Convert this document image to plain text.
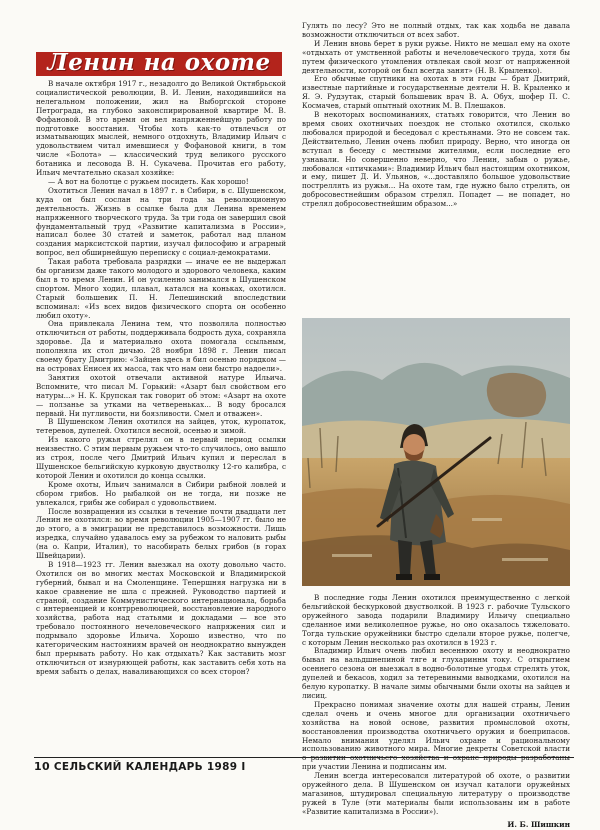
Ленин на охоте

В начале октября 1917 г., незадолго до Великой Октябрьской социалистической революции, В. И. Ленин, находившийся на нелегальном положении, жил на Выборгской стороне Петрограда, на глубоко законспирированной квартире М. В. Фофановой. В это время он вел напряженнейшую работу по подготовке восстания. Чтобы хоть как-то отвлечься от изматывающих мыслей, немного отдохнуть, Владимир Ильич с удовольствием читал имевшиеся у Фофановой книги, в том числе «Болота» — классический труд великого русского ботаника и лесовода В. Н. Сукачева. Прочитав его работу, Ильич мечтательно сказал хозяйке:

— А вот на болотце с ружьем посидеть. Как хорошо!

Охотиться Ленин начал в 1897 г. в Сибири, в с. Шушенском, куда он был сослан на три года за революционную деятельность. Жизнь в ссылке была для Ленина временем напряженного творческого труда. За три года он завершил свой фундаментальный труд «Развитие капитализма в России», написал более 30 статей и заметок, работал над планом создания марксистской партии, изучал философию и аграрный вопрос, вел обширнейшую переписку с социал-демократами.

Такая работа требовала разрядки — иначе ее не выдержал бы организм даже такого молодого и здорового человека, каким был в то время Ленин. И он усиленно занимался в Шушенском спортом. Много ходил, плавал, катался на коньках, охотился. Старый большевик П. Н. Лепешинский впоследствии вспоминал: «Из всех видов физического спорта он особенно любил охоту».

Она привлекала Ленина тем, что позволяла полностью отключиться от работы, поддерживала бодрость духа, сохраняла здоровье. Да и материально охота помогала ссыльным, пополняла их стол дичью. 28 ноября 1898 г. Ленин писал своему брату Дмитрию: «Зайцев здесь я бил осенью порядком — на островах Енисея их масса, так что нам они быстро надоели».

Занятия охотой отвечали активной натуре Ильича. Вспомните, что писал М. Горький: «Азарт был свойством его натуры...» Н. К. Крупская так говорит об этом: «Азарт на охоте — ползанье за утками на четвереньках... В воду бросался первый. Ни пугливости, ни боязливости. Смел и отважен».

В Шушенском Ленин охотился на зайцев, уток, куропаток, тетеревов, дупелей. Охотился весной, осенью и зимой.

Из какого ружья стрелял он в первый период ссылки неизвестно. С этим первым ружьем что-то случилось, оно вышло из строя, после чего Дмитрий Ильич купил и переслал в Шушенское бельгийскую курковую двустволку 12-го калибра, с которой Ленин и охотился до конца ссылки.

Кроме охоты, Ильич занимался в Сибири рыбной ловлей и сбором грибов. Но рыбалкой он не тогда, ни позже не увлекался, грибы же собирал с удовольствием.

После возвращения из ссылки в течение почти двадцати лет Ленин не охотился: во время революции 1905—1907 гг. было не до этого, а в эмиграции не представилось возможности. Лишь изредка, случайно удавалось ему за рубежом то наловить рыбы (на о. Капри, Италия), то насобирать белых грибов (в горах Швейцарии).

В 1918—1923 гг. Ленин выезжал на охоту довольно часто. Охотился он во многих местах Московской и Владимирской губерний, бывал и на Смоленщине. Тепершняя нагрузка ни в какое сравнение не шла с прежней. Руководство партией и страной, создание Коммунистического интернационала, борьба с интервенцией и контрреволюцией, восстановление народного хозяйства, работа над статьями и докладами — все это требовало постоянного нечеловеческого напряжения сил и подрывало здоровье Ильича. Хорошо известно, что по категорическим настояниям врачей он неоднократно вынужден был прерывать работу. Но как отдыхать? Как заставить мозг отключиться от изнуряющей работы, как заставить себя хоть на время забыть о делах, наваливающихся со всех сторон?

Гулять по лесу? Это не полный отдых, так как ходьба не давала возможности отключиться от всех забот.

И Ленин вновь берет в руки ружье. Никто не мешал ему на охоте «отдыхать от умственной работы и нечеловеческого труда, хотя бы путем физического утомления отвлекая свой мозг от напряженной деятельности, которой он был всегда занят» (Н. В. Крыленко).

Его обычные спутники на охотах в эти годы — брат Дмитрий, известные партийные и государственные деятели Н. В. Крыленко и Я. Э. Рудзутак, старый большевик врач В. А. Обух, шофер П. С. Космачев, старый опытный охотник М. В. Плешаков.

В некоторых воспоминаниях, статьях говорится, что Ленин во время своих охотничьих поездок не столько охотился, сколько любовался природой и беседовал с крестьянами. Это не совсем так. Действительно, Ленин очень любил природу. Верно, что иногда он вступал в беседу с местными жителями, если последние его узнавали. Но совершенно неверно, что Ленин, забыв о ружье, любовался «птичками»: Владимир Ильич был настоящим охотником, и ему, пишет Д. И. Ульянов, «...доставляло большое удовольствие постреллять из ружья... На охоте там, где нужно было стрелять, он добросовестнейшим образом стрелял. Попадет — не попадет, но стрелял добросовестнейшим образом...»

В последние годы Ленин охотился преимущественно с легкой бельгийской бескурковой двустволкой. В 1923 г. рабочие Тульского оружейного завода подарили Владимиру Ильичу специально сделанное ими великолепное ружье, но оно оказалось тяжеловато. Тогда тульские оружейники быстро сделали второе ружье, полегче, с которым Ленин несколько раз охотился в 1923 г.

Владимир Ильич очень любил весеннюю охоту и неоднократно бывал на вальдшнепиной тяге и глухариннм току. С открытием осеннего сезона он выезжал в водно-болотные угодья стрелять уток, дупелей и бекасов, ходил за тетеревиными выводками, охотился на белую куропатку. В начале зимы обычными были охоты на зайцев и лисиц.

Прекрасно понимая значение охоты для нашей страны, Ленин сделал очень и очень многое для организации охотничьего хозяйства на новой основе, развития промысловой охоты, восстановления производства охотничьего оружия и боеприпасов. Немало внимания уделял Ильич охране и рациональному использованию животного мира. Многие декреты Советской власти при участии Ленина и подписаны им.

Ленин всегда интересовался литературой об охоте, о развитии оружейного дела. В Шушенском он изучал каталоги оружейных магазинов, штудировал специальную литературу о производстве ружей в Туле (эти материалы были использованы им в работе «Развитие капитализма в России»).

И. Б. Шишкин
10 СЕЛЬСКИЙ КАЛЕНДАРЬ 1989 I
